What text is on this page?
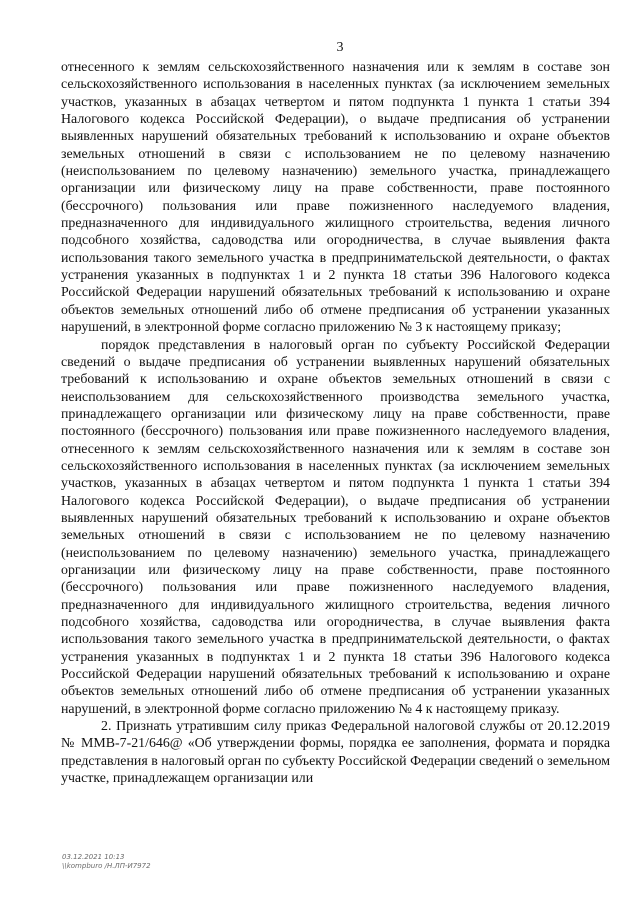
3

отнесенного к землям сельскохозяйственного назначения или к землям в составе зон сельскохозяйственного использования в населенных пунктах (за исключением земельных участков, указанных в абзацах четвертом и пятом подпункта 1 пункта 1 статьи 394 Налогового кодекса Российской Федерации), о выдаче предписания об устранении выявленных нарушений обязательных требований к использованию и охране объектов земельных отношений в связи с использованием не по целевому назначению (неиспользованием по целевому назначению) земельного участка, принадлежащего организации или физическому лицу на праве собственности, праве постоянного (бессрочного) пользования или праве пожизненного наследуемого владения, предназначенного для индивидуального жилищного строительства, ведения личного подсобного хозяйства, садоводства или огородничества, в случае выявления факта использования такого земельного участка в предпринимательской деятельности, о фактах устранения указанных в подпунктах 1 и 2 пункта 18 статьи 396 Налогового кодекса Российской Федерации нарушений обязательных требований к использованию и охране объектов земельных отношений либо об отмене предписания об устранении указанных нарушений, в электронной форме согласно приложению № 3 к настоящему приказу;

порядок представления в налоговый орган по субъекту Российской Федерации сведений о выдаче предписания об устранении выявленных нарушений обязательных требований к использованию и охране объектов земельных отношений в связи с неиспользованием для сельскохозяйственного производства земельного участка, принадлежащего организации или физическому лицу на праве собственности, праве постоянного (бессрочного) пользования или праве пожизненного наследуемого владения, отнесенного к землям сельскохозяйственного назначения или к землям в составе зон сельскохозяйственного использования в населенных пунктах (за исключением земельных участков, указанных в абзацах четвертом и пятом подпункта 1 пункта 1 статьи 394 Налогового кодекса Российской Федерации), о выдаче предписания об устранении выявленных нарушений обязательных требований к использованию и охране объектов земельных отношений в связи с использованием не по целевому назначению (неиспользованием по целевому назначению) земельного участка, принадлежащего организации или физическому лицу на праве собственности, праве постоянного (бессрочного) пользования или праве пожизненного наследуемого владения, предназначенного для индивидуального жилищного строительства, ведения личного подсобного хозяйства, садоводства или огородничества, в случае выявления факта использования такого земельного участка в предпринимательской деятельности, о фактах устранения указанных в подпунктах 1 и 2 пункта 18 статьи 396 Налогового кодекса Российской Федерации нарушений обязательных требований к использованию и охране объектов земельных отношений либо об отмене предписания об устранении указанных нарушений, в электронной форме согласно приложению № 4 к настоящему приказу.

2. Признать утратившим силу приказ Федеральной налоговой службы от 20.12.2019 № ММВ-7-21/646@ «Об утверждении формы, порядка ее заполнения, формата и порядка представления в налоговый орган по субъекту Российской Федерации сведений о земельном участке, принадлежащем организации или

03.12.2021 10:13
\\kompburo /Н.ЛП-И7972
